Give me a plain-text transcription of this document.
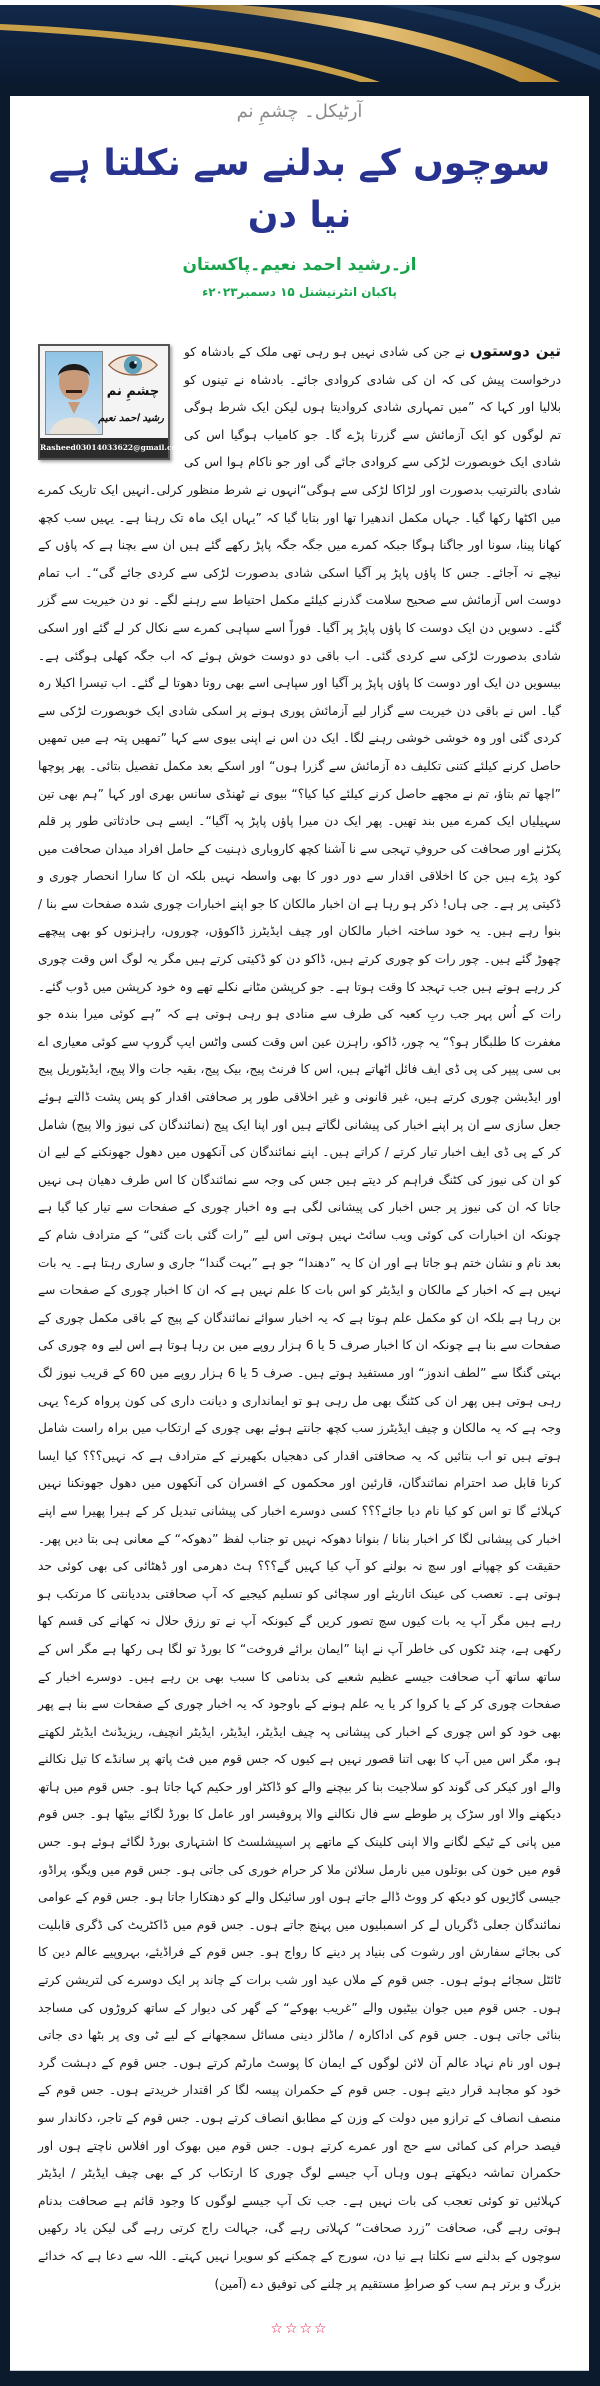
آرٹیکل۔ چشمِ نم
سوچوں کے بدلنے سے نکلتا ہے نیا دن
از۔رشید احمد نعیم۔پاکستان
پاکبان انٹرنیشنل ۱۵ دسمبر۲۰۲۳ء
چشمِ نم
رشید احمد نعیم
Rasheed03014033622@gmail.com

تین دوستوں نے جن کی شادی نہیں ہو رہی تھی ملک کے بادشاہ کو درخواست پیش کی کہ ان کی شادی کروادی جائے۔ بادشاہ نے تینوں کو بلالیا اور کہا کہ ”میں تمہاری شادی کروادیتا ہوں لیکن ایک شرط ہوگی تم لوگوں کو ایک آزمائش سے گزرنا پڑے گا۔ جو کامیاب ہوگیا اس کی شادی ایک خوبصورت لڑکی سے کروادی جائے گی اور جو ناکام ہوا اس کی شادی بالترتیب بدصورت اور لڑاکا لڑکی سے ہوگی“انہوں نے شرط منظور کرلی۔انہیں ایک تاریک کمرے میں اکٹھا رکھا گیا۔ جہاں مکمل اندھیرا تھا اور بتایا گیا کہ ”یہاں ایک ماہ تک رہنا ہے۔ یہیں سب کچھ کھانا پینا، سونا اور جاگنا ہوگا جبکہ کمرے میں جگہ جگہ پاپڑ رکھے گئے ہیں ان سے بچنا ہے کہ پاؤں کے نیچے نہ آجائے۔ جس کا پاؤں پاپڑ پر آگیا اسکی شادی بدصورت لڑکی سے کردی جائے گی“۔ اب تمام دوست اس آزمائش سے صحیح سلامت گذرنے کیلئے مکمل احتیاط سے رہنے لگے۔ نو دن خیریت سے گزر گئے۔ دسویں دن ایک دوست کا پاؤں پاپڑ پر آگیا۔ فوراً اسے سپاہی کمرے سے نکال کر لے گئے اور اسکی شادی بدصورت لڑکی سے کردی گئی۔ اب باقی دو دوست خوش ہوئے کہ اب جگہ کھلی ہوگئی ہے۔ بیسویں دن ایک اور دوست کا پاؤں پاپڑ پر آگیا اور سپاہی اسے بھی روتا دھوتا لے گئے۔ اب تیسرا اکیلا رہ گیا۔ اس نے باقی دن خیریت سے گزار لیے آزمائش پوری ہونے پر اسکی شادی ایک خوبصورت لڑکی سے کردی گئی اور وہ خوشی خوشی رہنے لگا۔ ایک دن اس نے اپنی بیوی سے کہا ”تمھیں پتہ ہے میں تمھیں حاصل کرنے کیلئے کتنی تکلیف دہ آزمائش سے گزرا ہوں“ اور اسکے بعد مکمل تفصیل بتائی۔ پھر پوچھا ”اچھا تم بتاؤ، تم نے مجھے حاصل کرنے کیلئے کیا کیا؟“ بیوی نے ٹھنڈی سانس بھری اور کہا ”ہم بھی تین سہیلیاں ایک کمرے میں بند تھیں۔ پھر ایک دن میرا پاؤں پاپڑ پہ آگیا“۔ ایسے ہی حادثاتی طور پر قلم پکڑنے اور صحافت کی حروفِ تہجی سے نا آشنا کچھ کاروباری ذہنیت کے حامل افراد میدان صحافت میں کود پڑے ہیں جن کا اخلاقی اقدار سے دور دور کا بھی واسطہ نہیں بلکہ ان کا سارا انحصار چوری و ڈکیتی پر ہے۔ جی ہاں! ذکر ہو رہا ہے ان اخبار مالکان کا جو اپنے اخبارات چوری شدہ صفحات سے بنا / بنوا رہے ہیں۔ یہ خود ساختہ اخبار مالکان اور چیف ایڈیٹرز ڈاکوؤں، چوروں، راہزنوں کو بھی پیچھے چھوڑ گئے ہیں۔ چور رات کو چوری کرتے ہیں، ڈاکو دن کو ڈکیتی کرتے ہیں مگر یہ لوگ اس وقت چوری کر رہے ہوتے ہیں جب تہجد کا وقت ہوتا ہے۔ جو کرپشن مٹانے نکلے تھے وہ خود کرپشن میں ڈوب گئے۔ رات کے اُس پہر جب ربِ کعبہ کی طرف سے منادی ہو رہی ہوتی ہے کہ ”ہے کوئی میرا بندہ جو مغفرت کا طلبگار ہو؟“ یہ چور، ڈاکو، راہزن عین اس وقت کسی واٹس ایپ گروپ سے کوئی معیاری اے بی سی پیپر کی پی ڈی ایف فائل اٹھاتے ہیں، اس کا فرنٹ پیج، بیک پیج، بقیہ جات والا پیج، ایڈیٹوریل پیج اور ایڈیشن چوری کرتے ہیں، غیر قانونی و غیر اخلاقی طور پر صحافتی اقدار کو پس پشت ڈالتے ہوئے جعل سازی سے ان پر اپنے اخبار کی پیشانی لگاتے ہیں اور اپنا ایک پیج (نمائندگان کی نیوز والا پیج) شامل کر کے پی ڈی ایف اخبار تیار کرتے / کراتے ہیں۔ اپنے نمائندگان کی آنکھوں میں دھول جھونکنے کے لیے ان کو ان کی نیوز کی کٹنگ فراہم کر دیتے ہیں جس کی وجہ سے نمائندگان کا اس طرف دھیان ہی نہیں جاتا کہ ان کی نیوز پر جس اخبار کی پیشانی لگی ہے وہ اخبار چوری کے صفحات سے تیار کیا گیا ہے چونکہ ان اخبارات کی کوئی ویب سائٹ نہیں ہوتی اس لیے ”رات گئی بات گئی“ کے مترادف شام کے بعد نام و نشان ختم ہو جاتا ہے اور ان کا یہ ”دھندا“ جو ہے ”بہت گندا“ جاری و ساری رہتا ہے۔ یہ بات نہیں ہے کہ اخبار کے مالکان و ایڈیٹر کو اس بات کا علم نہیں ہے کہ ان کا اخبار چوری کے صفحات سے بن رہا ہے بلکہ ان کو مکمل علم ہوتا ہے کہ یہ اخبار سوائے نمائندگان کے پیج کے باقی مکمل چوری کے صفحات سے بنا ہے چونکہ ان کا اخبار صرف 5 یا 6 ہزار روپے میں بن رہا ہوتا ہے اس لیے وہ چوری کی بہتی گنگا سے ”لطف اندوز“ اور مستفید ہوتے ہیں۔ صرف 5 یا 6 ہزار روپے میں 60 کے قریب نیوز لگ رہی ہوتی ہیں پھر ان کی کٹنگ بھی مل رہی ہو تو ایمانداری و دیانت داری کی کون پرواہ کرے؟ یہی وجہ ہے کہ یہ مالکان و چیف ایڈیٹرز سب کچھ جانتے ہوئے بھی چوری کے ارتکاب میں براہ راست شامل ہوتے ہیں تو اب بتائیں کہ یہ صحافتی اقدار کی دھجیاں بکھیرنے کے مترادف ہے کہ نہیں؟؟؟ کیا ایسا کرنا قابل صد احترام نمائندگان، قارئین اور محکموں کے افسران کی آنکھوں میں دھول جھونکنا نہیں کہلائے گا تو اس کو کیا نام دیا جائے؟؟؟ کسی دوسرے اخبار کی پیشانی تبدیل کر کے ہیرا پھیرا سے اپنے اخبار کی پیشانی لگا کر اخبار بنانا / بنوانا دھوکہ نہیں تو جناب لفظ ”دھوکہ“ کے معانی ہی بتا دیں پھر۔ حقیقت کو چھپانے اور سچ نہ بولنے کو آپ کیا کہیں گے؟؟؟ ہٹ دھرمی اور ڈھٹائی کی بھی کوئی حد ہوتی ہے۔ تعصب کی عینک اتاریئے اور سچائی کو تسلیم کیجیے کہ آپ صحافتی بددیانتی کا مرتکب ہو رہے ہیں مگر آپ یہ بات کیوں سچ تصور کریں گے کیونکہ آپ نے تو رزق حلال نہ کھانے کی قسم کھا رکھی ہے، چند ٹکوں کی خاطر آپ نے اپنا ”ایمان برائے فروخت“ کا بورڈ تو لگا ہی رکھا ہے مگر اس کے ساتھ ساتھ آپ صحافت جیسے عظیم شعبے کی بدنامی کا سبب بھی بن رہے ہیں۔ دوسرے اخبار کے صفحات چوری کر کے یا کروا کر یا یہ علم ہونے کے باوجود کہ یہ اخبار چوری کے صفحات سے بنا ہے پھر بھی خود کو اس چوری کے اخبار کی پیشانی پہ چیف ایڈیٹر، ایڈیٹر، ایڈیٹر انچیف، ریزیڈنٹ ایڈیٹر لکھتے ہو، مگر اس میں آپ کا بھی اتنا قصور نہیں ہے کیوں کہ جس قوم میں فٹ پاتھ پر سانڈے کا تیل نکالنے والے اور کیکر کی گوند کو سلاجیت بنا کر بیچنے والے کو ڈاکٹر اور حکیم کہا جاتا ہو۔ جس قوم میں ہاتھ دیکھنے والا اور سڑک پر طوطے سے فال نکالنے والا پروفیسر اور عامل کا بورڈ لگائے بیٹھا ہو۔ جس قوم میں پانی کے ٹیکے لگانے والا اپنی کلینک کے ماتھے پر اسپیشلسٹ کا اشتہاری بورڈ لگائے ہوئے ہو۔ جس قوم میں خون کی بوتلوں میں نارمل سلائن ملا کر حرام خوری کی جاتی ہو۔ جس قوم میں ویگو، پراڈو، جیسی گاڑیوں کو دیکھ کر ووٹ ڈالے جاتے ہوں اور سائیکل والے کو دھتکارا جاتا ہو۔ جس قوم کے عوامی نمائندگان جعلی ڈگریاں لے کر اسمبلیوں میں پہنچ جاتے ہوں۔ جس قوم میں ڈاکٹریٹ کی ڈگری قابلیت کی بجائے سفارش اور رشوت کی بنیاد پر دینے کا رواج ہو۔ جس قوم کے فراڈیئے، بہروپیے عالم دین کا ٹائٹل سجائے ہوئے ہوں۔ جس قوم کے ملاں عید اور شب برات کے چاند پر ایک دوسرے کی لتریشن کرتے ہوں۔ جس قوم میں جوان بیٹیوں والے ”غریب بھوکے“ کے گھر کی دیوار کے ساتھ کروڑوں کی مساجد بنائی جاتی ہوں۔ جس قوم کی اداکارہ / ماڈلز دینی مسائل سمجھانے کے لیے ٹی وی پر بٹھا دی جاتی ہوں اور نام نہاد عالم آن لائن لوگوں کے ایمان کا پوسٹ مارٹم کرتے ہوں۔ جس قوم کے دہشت گرد خود کو مجاہد قرار دیتے ہوں۔ جس قوم کے حکمران پیسہ لگا کر اقتدار خریدتے ہوں۔ جس قوم کے منصف انصاف کے ترازو میں دولت کے وزن کے مطابق انصاف کرتے ہوں۔ جس قوم کے تاجر، دکاندار سو فیصد حرام کی کمائی سے حج اور عمرے کرتے ہوں۔ جس قوم میں بھوک اور افلاس ناچتے ہوں اور حکمران تماشہ دیکھتے ہوں وہاں آپ جیسے لوگ چوری کا ارتکاب کر کے بھی چیف ایڈیٹر / ایڈیٹر کہلائیں تو کوئی تعجب کی بات نہیں ہے۔ جب تک آپ جیسے لوگوں کا وجود قائم ہے صحافت بدنام ہوتی رہے گی، صحافت ”زرد صحافت“ کہلاتی رہے گی، جہالت راج کرتی رہے گی لیکن یاد رکھیں سوچوں کے بدلنے سے نکلتا ہے نیا دن، سورج کے چمکنے کو سویرا نہیں کہتے۔ اللہ سے دعا ہے کہ خدائے بزرگ و برتر ہم سب کو صراطِ مستقیم پر چلنے کی توفیق دے (آمین)

☆☆☆☆
